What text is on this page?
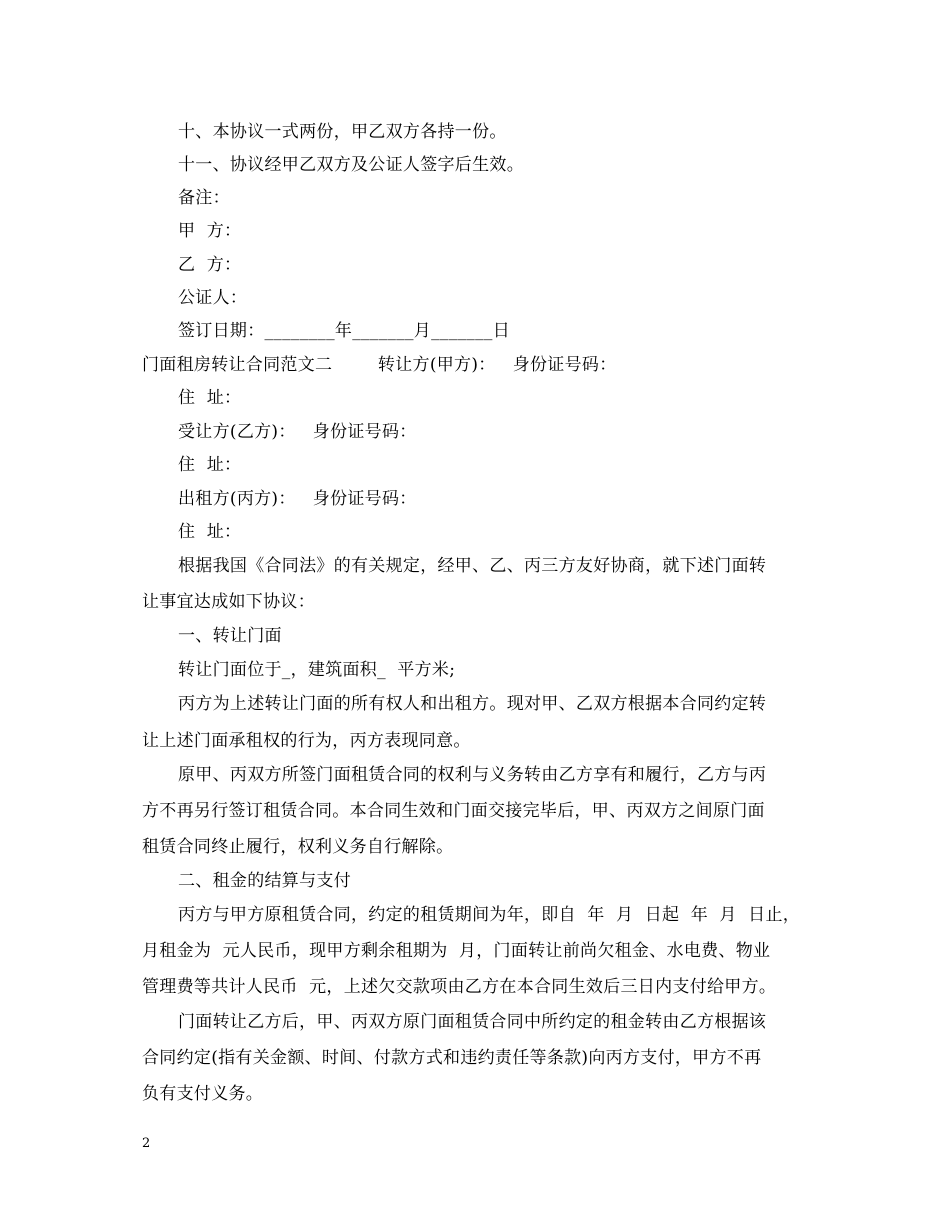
十、本协议一式两份，甲乙双方各持一份。
十一、协议经甲乙双方及公证人签字后生效。
备注：
甲  方：
乙  方：
公证人：
签订日期：________年_______月_______日
门面租房转让合同范文二        转让方(甲方)：   身份证号码：
住  址：
受让方(乙方)：   身份证号码：
住  址：
出租方(丙方)：   身份证号码：
住  址：
根据我国《合同法》的有关规定，经甲、乙、丙三方友好协商，就下述门面转
让事宜达成如下协议：
一、转让门面
转让门面位于_，建筑面积_  平方米;
丙方为上述转让门面的所有权人和出租方。现对甲、乙双方根据本合同约定转
让上述门面承租权的行为，丙方表现同意。
原甲、丙双方所签门面租赁合同的权利与义务转由乙方享有和履行，乙方与丙
方不再另行签订租赁合同。本合同生效和门面交接完毕后，甲、丙双方之间原门面
租赁合同终止履行，权利义务自行解除。
二、租金的结算与支付
丙方与甲方原租赁合同，约定的租赁期间为年，即自  年  月  日起  年  月  日止，
月租金为  元人民币，现甲方剩余租期为  月，门面转让前尚欠租金、水电费、物业
管理费等共计人民币  元，上述欠交款项由乙方在本合同生效后三日内支付给甲方。
门面转让乙方后，甲、丙双方原门面租赁合同中所约定的租金转由乙方根据该
合同约定(指有关金额、时间、付款方式和违约责任等条款)向丙方支付，甲方不再
负有支付义务。
2
